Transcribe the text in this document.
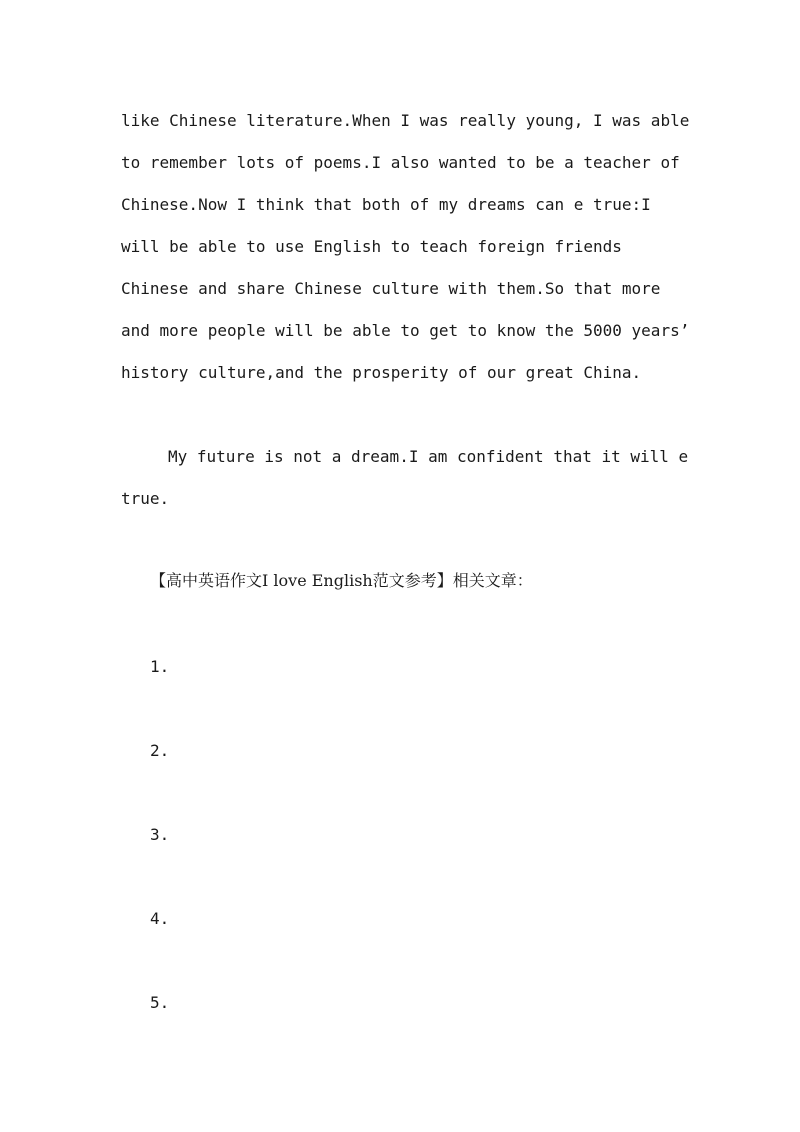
like Chinese literature.When I was really young, I was able
to remember lots of poems.I also wanted to be a teacher of
Chinese.Now I think that both of my dreams can e true:I
will be able to use English to teach foreign friends
Chinese and share Chinese culture with them.So that more
and more people will be able to get to know the 5000 years’
history culture,and the prosperity of our great China.
My future is not a dream.I am confident that it will e
true.
【高中英语作文I love English范文参考】相关文章：
1.
2.
3.
4.
5.
